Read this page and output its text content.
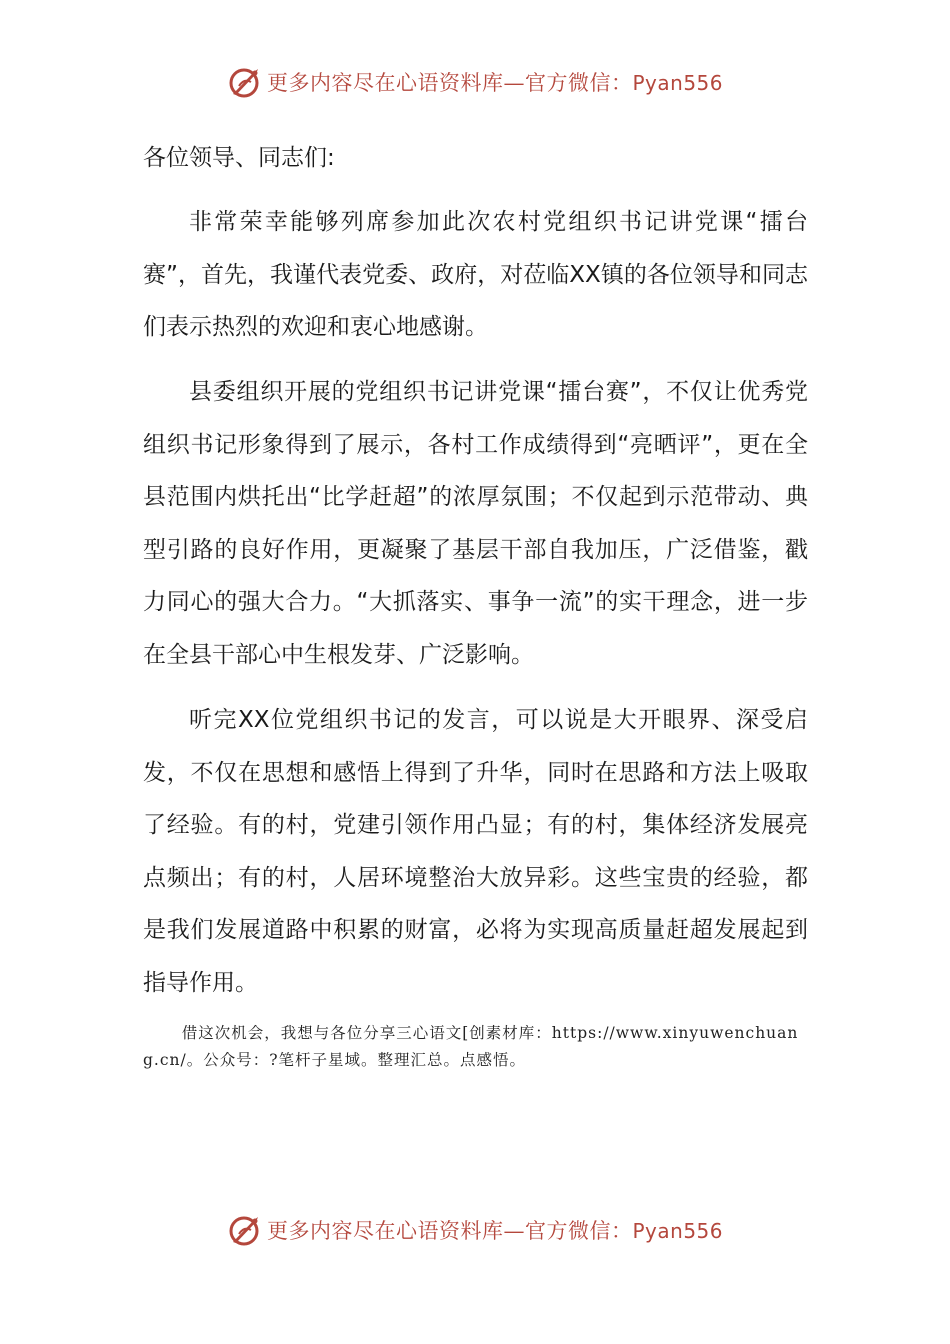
更多内容尽在心语资料库—官方微信：Pyan556
各位领导、同志们:

非常荣幸能够列席参加此次农村党组织书记讲党课“擂台赛”，首先，我谨代表党委、政府，对莅临XX镇的各位领导和同志们表示热烈的欢迎和衷心地感谢。

县委组织开展的党组织书记讲党课“擂台赛”，不仅让优秀党组织书记形象得到了展示，各村工作成绩得到“亮晒评”，更在全县范围内烘托出“比学赶超”的浓厚氛围；不仅起到示范带动、典型引路的良好作用，更凝聚了基层干部自我加压，广泛借鉴，戳力同心的强大合力。“大抓落实、事争一流”的实干理念，进一步在全县干部心中生根发芽、广泛影响。

听完XX位党组织书记的发言，可以说是大开眼界、深受启发，不仅在思想和感悟上得到了升华，同时在思路和方法上吸取了经验。有的村，党建引领作用凸显；有的村，集体经济发展亮点频出；有的村，人居环境整治大放异彩。这些宝贵的经验，都是我们发展道路中积累的财富，必将为实现高质量赶超发展起到指导作用。

借这次机会，我想与各位分享三心语文[创素材库：https://www.xinyuwenchuang.cn/。公众号：?笔杆子星域。整理汇总。点感悟。

更多内容尽在心语资料库—官方微信：Pyan556
